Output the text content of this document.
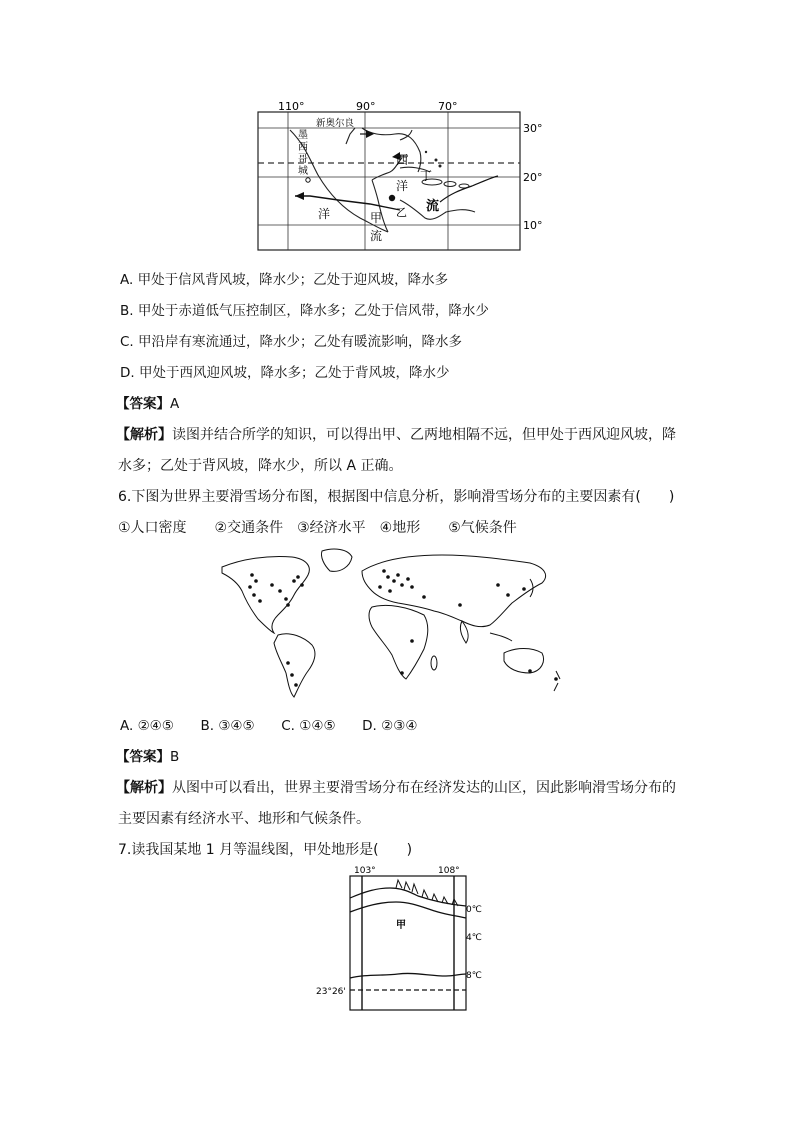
110°	90°	70°
30°
20°
10°
新奥尔良
墨
西
哥
城
西
丁
洋
流
乙
洋	甲
流
A. 甲处于信风背风坡，降水少；乙处于迎风坡，降水多
B. 甲处于赤道低气压控制区，降水多；乙处于信风带，降水少
C. 甲沿岸有寒流通过，降水少；乙处有暖流影响，降水多
D. 甲处于西风迎风坡，降水多；乙处于背风坡，降水少
【答案】A
【解析】读图并结合所学的知识，可以得出甲、乙两地相隔不远，但甲处于西风迎风坡，降
水多；乙处于背风坡，降水少，所以 A 正确。
6.下图为世界主要滑雪场分布图，根据图中信息分析，影响滑雪场分布的主要因素有(　　)
①人口密度　　②交通条件　③经济水平　④地形　　⑤气候条件
A. ②④⑤ B. ③④⑤ C. ①④⑤ D. ②③④
【答案】B
【解析】从图中可以看出，世界主要滑雪场分布在经济发达的山区，因此影响滑雪场分布的
主要因素有经济水平、地形和气候条件。
7.读我国某地 1 月等温线图，甲处地形是(　　)
103°	108°
0℃
4℃
8℃
23°26'
甲
